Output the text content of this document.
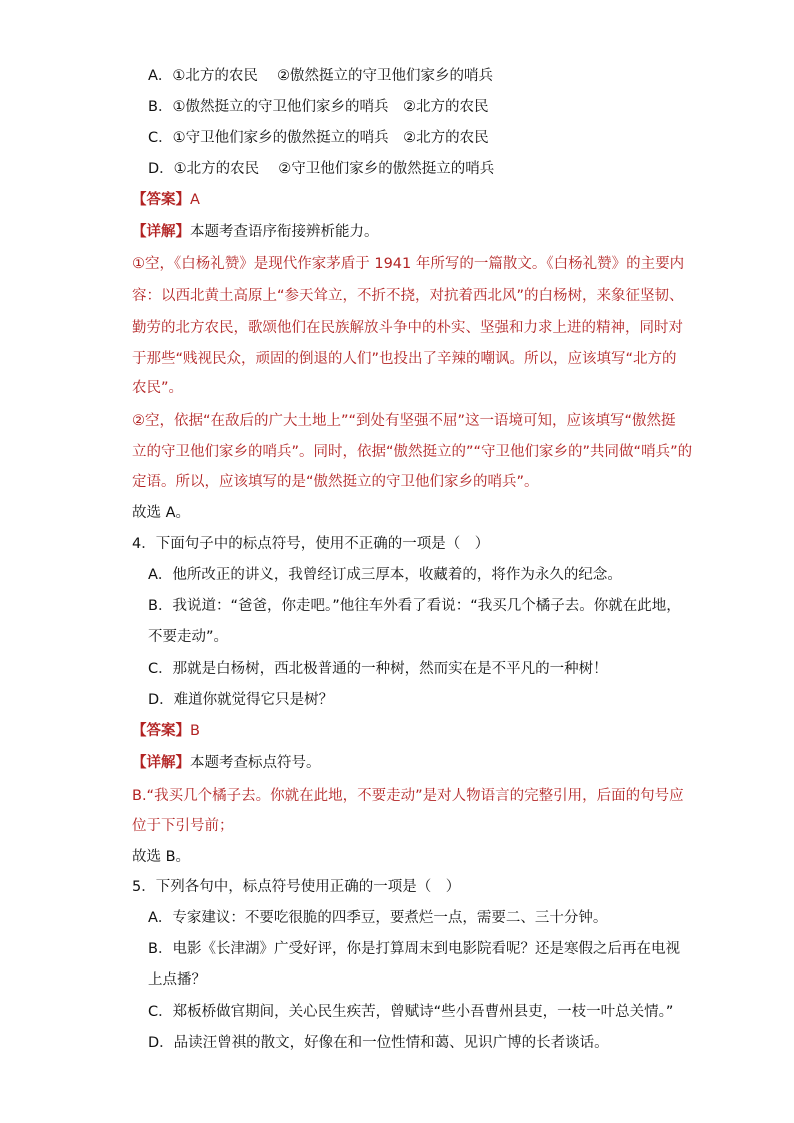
A．①北方的农民　 ②傲然挺立的守卫他们家乡的哨兵
B．①傲然挺立的守卫他们家乡的哨兵　②北方的农民
C．①守卫他们家乡的傲然挺立的哨兵　②北方的农民
D．①北方的农民　 ②守卫他们家乡的傲然挺立的哨兵
【答案】A
【详解】本题考查语序衔接辨析能力。
①空，《白杨礼赞》是现代作家茅盾于 1941 年所写的一篇散文。《白杨礼赞》的主要内
容：以西北黄土高原上“参天耸立，不折不挠，对抗着西北风”的白杨树，来象征坚韧、
勤劳的北方农民，歌颂他们在民族解放斗争中的朴实、坚强和力求上进的精神，同时对
于那些“贱视民众，顽固的倒退的人们”也投出了辛辣的嘲讽。所以，应该填写“北方的
农民”。
②空，依据“在敌后的广大土地上”“到处有坚强不屈”这一语境可知，应该填写“傲然挺
立的守卫他们家乡的哨兵”。同时，依据“傲然挺立的”“守卫他们家乡的”共同做“哨兵”的
定语。所以，应该填写的是“傲然挺立的守卫他们家乡的哨兵”。
故选 A。
4．下面句子中的标点符号，使用不正确的一项是（　）
A．他所改正的讲义，我曾经订成三厚本，收藏着的，将作为永久的纪念。
B．我说道：“爸爸，你走吧。”他往车外看了看说：“我买几个橘子去。你就在此地，
不要走动”。
C．那就是白杨树，西北极普通的一种树，然而实在是不平凡的一种树！
D．难道你就觉得它只是树？
【答案】B
【详解】本题考查标点符号。
B.“我买几个橘子去。你就在此地，不要走动”是对人物语言的完整引用，后面的句号应
位于下引号前；
故选 B。
5．下列各句中，标点符号使用正确的一项是（　）
A．专家建议：不要吃很脆的四季豆，要煮烂一点，需要二、三十分钟。
B．电影《长津湖》广受好评，你是打算周末到电影院看呢？还是寒假之后再在电视
上点播？
C．郑板桥做官期间，关心民生疾苦，曾赋诗“些小吾曹州县吏，一枝一叶总关情。”
D．品读汪曾祺的散文，好像在和一位性情和蔼、见识广博的长者谈话。
